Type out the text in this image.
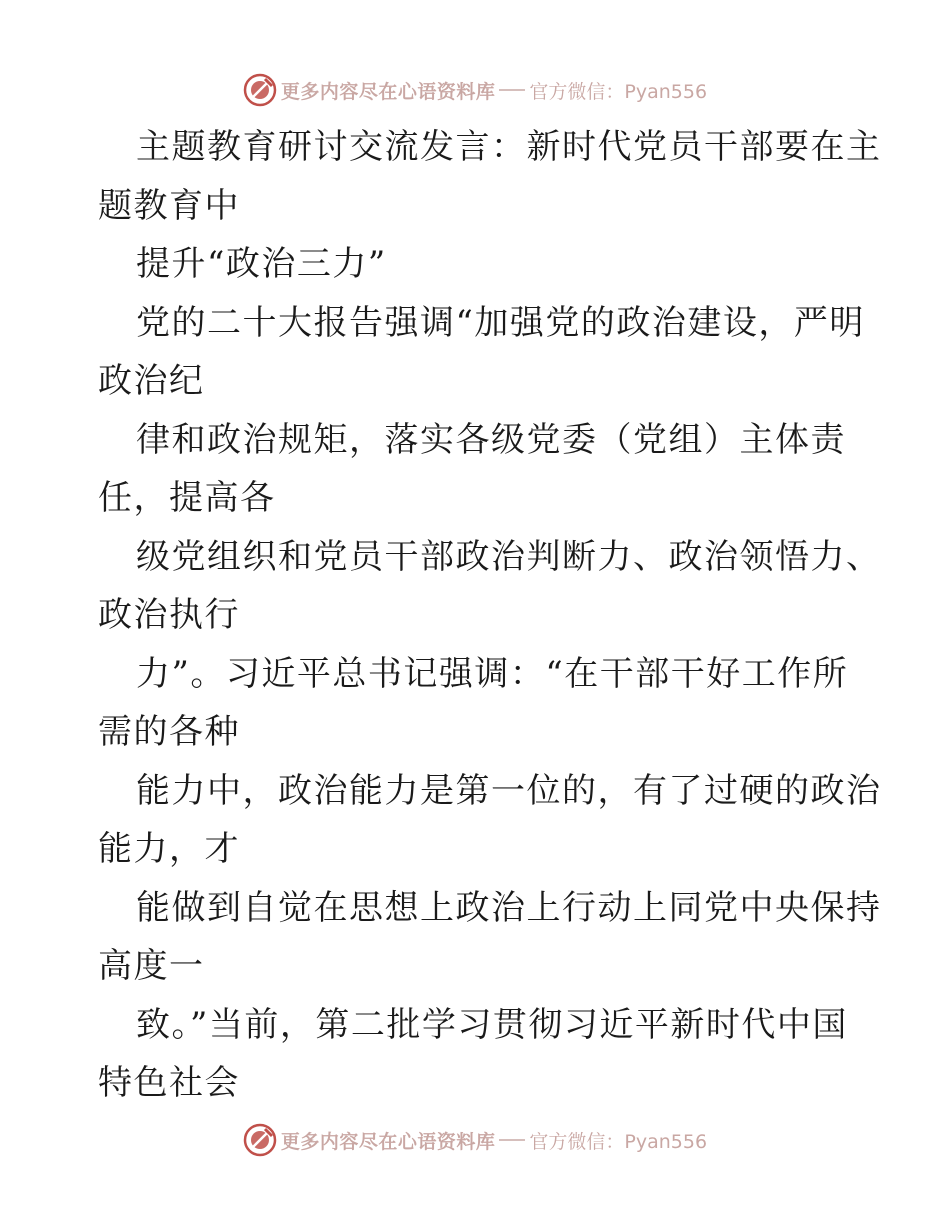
更多内容尽在心语资料库 官方微信：Pyan556
主题教育研讨交流发言：新时代党员干部要在主
题教育中
提升“政治三力”
党的二十大报告强调“加强党的政治建设，严明
政治纪
律和政治规矩，落实各级党委（党组）主体责
任，提高各
级党组织和党员干部政治判断力、政治领悟力、
政治执行
力”。习近平总书记强调：“在干部干好工作所
需的各种
能力中，政治能力是第一位的，有了过硬的政治
能力，才
能做到自觉在思想上政治上行动上同党中央保持
高度一
致。”当前，第二批学习贯彻习近平新时代中国
特色社会
更多内容尽在心语资料库 官方微信：Pyan556
